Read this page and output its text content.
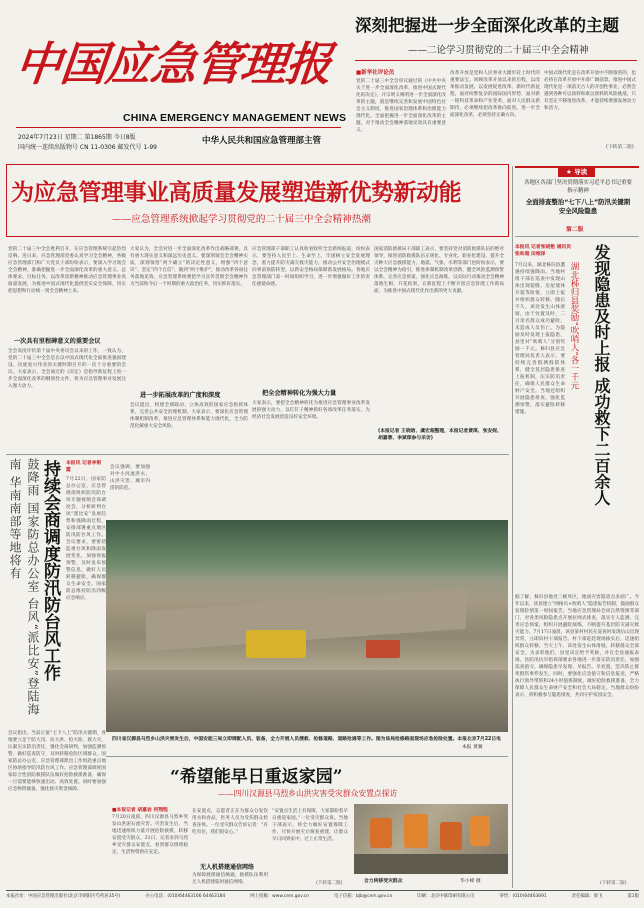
中国应急管理报
CHINA EMERGENCY MANAGEMENT NEWS
2024年7月23日 星期二 第1865期 今日8版
国内统一连续出版物号 CN 11-0306 邮发代号 1-99
中华人民共和国应急管理部主管
深刻把握进一步全面深化改革的主题
——二论学习贯彻党的二十届三中全会精神
■新华社评论员
党的二十届三中全会审议通过的《中共中央关于进一步全面深化改革、推进中国式现代化的决定》，开宗明义阐明进一步全面深化改革的主题，就是继续完善和发展中国特色社会主义制度，推进国家治理体系和治理能力现代化。全面把握进一步全面深化改革的主题，对于推动全会精神落地见效具有重要意义。
改革开放是党和人民事业大踏步赶上时代的重要法宝。回顾改革开放以来的历程，以改革推动发展、以发展促进改革。新时代新征程，面对纷繁复杂的国际国内形势，面对新一轮科技革命和产业变革，面对人民群众新期待，必须继续把改革推向前进。进一步全面深化改革，必须坚持正确方向。
中国式现代化是在改革开放中不断推进的，也必将在改革开放中开辟广阔前景。推进中国式现代化是一项前无古人的开创性事业，必然会遇到各种可以预料和难以预料的风险挑战，只有坚定不移推进改革，才能持续增强发展动力和活力。
(下转第二版)
为应急管理事业高质量发展塑造新优势新动能
——应急管理系统掀起学习贯彻党的二十届三中全会精神热潮
党的二十届三中全会胜利召开，在应急管理系统引起热烈反响。连日来，应急管理部党委认真学习全会精神，各级应急管理部门和广大党员干部纷纷表示，要深入学习领会全会精神，准确把握进一步全面深化改革的重大意义、总体要求、目标任务，以改革创新精神推动应急管理事业高质量发展，为推进中国式现代化提供坚实安全保障，切实把思想和行动统一到全会精神上来。
一次具有里程碑意义的重要会议
全会高度评价第十届中央委员会以来的工作，一致认为，党的二十届三中全会是在以中国式现代化全面推进强国建设、民族复兴伟业的关键时期召开的一次十分重要的会议。大家表示，全会通过的《决定》是指导新征程上进一步全面深化改革的纲领性文件，将为应急管理事业发展注入强大动力。
大家认为，全会对进一步全面深化改革作出战略部署，具有重大现实意义和深远历史意义。要深刻领会全会精神实质，深刻领悟“两个确立”的决定性意义，增强“四个意识”、坚定“四个自信”、做到“两个维护”，推动改革各项任务落地见效。应急管理系统要把学习宣传贯彻全会精神作为当前和今后一个时期的重大政治任务，切实抓好落实。
进一步拓展改革的广度和深度
会议提出，构建全域联动、立体高效的国家应急指挥体系，完善公共安全治理机制。大家表示，要深化应急管理体制机制改革，推进应急管理体系和能力现代化，全力防范化解重大安全风险。
应急管理部干部职工认真收看收听全会新闻报道，纷纷表示，要坚持人民至上、生命至上，牢固树立安全发展理念，着力提升防灾减灾救灾能力，推动公共安全治理模式向事前预防转型，以新安全格局保障新发展格局。各地应急管理部门第一时间组织学习，进一步增强做好工作的责任感使命感。
把全会精神转化为强大力量
大家表示，要把全会精神转化为推进应急管理事业改革发展的强大动力，以钉钉子精神抓好各项改革任务落实，为经济社会发展创造良好安全环境。
国家消防救援局干部职工表示，要坚持党对消防救援队伍的绝对领导，推进消防救援队伍正规化、专业化、职业化建设，提升全灾种大应急救援能力。地震、气象、水利等部门也纷纷表示，要以全会精神为指引，推进体制机制改革创新，健全风险监测预警体系，完善应急预案，强化应急演练，以实际行动推动全会精神落地生根、开花结果，在新征程上不断开创应急管理工作新局面，为推进中国式现代化作出新的更大贡献。
(本报记者 王晓晗、虞宏超整理，本报记者黄琪、张安妮、胡嘉蓉、李斌琛参与采访)
★ 导读
各地区各部门坚决贯彻落实习近平总书记重要指示精神
全面排查整治“七下八上”防汛关键期安全风险隐患
第二版
发现隐患及时上报 成功救下二百余人
湖北秭归县奖励“吹哨人”各一千元
本报讯 记者张晓艳 通讯员张和超 田维泽
7月以来，湖北秭归县遭遇持续强降雨。当地村组干部在巡查中发现山体出现裂缝、房屋墙体开裂等险情，立即上报并组织群众转移。随后不久，该处发生山体滑坡，由于处置及时，二百余名群众成功避险，未造成人员伤亡。为鼓励及时发现上报隐患，县里对“吹哨人”分别奖励一千元。秭归县应急管理局负责人表示，要持续完善群测群防体系，健全基层隐患排查上报机制，压实防汛责任，确保人民群众生命财产安全。当地还组织开展隐患排查，强化监测预警，落实避险转移措施。
据了解，秭归县地处三峡库区，地质灾害隐患点多面广。今年以来，该县建立“网格员+吹哨人”隐患报告机制，鼓励群众发现险情第一时间报告。当地应急管理局会同自然资源等部门，对各类风险隐患点开展拉网式排查，落实专人监测，完善应急预案，组织开展避险演练，不断提升基层防灾减灾救灾能力。7月17日凌晨，该县某村村民在巡查时发现后山出现异常，立即向村干部报告。村干部赶赴现场核实后，迅速组织群众转移。当天上午，该处发生山体滑坡，转移群众全部安全。为表彰他们，县里决定给予奖励，并在全县通报表扬。县防汛抗旱指挥部要求各地进一步落实防汛责任，加强巡查值守，确保隐患早发现、早报告、早处置，坚决防止群死群伤事件发生。同时，要强化应急值守和信息报送，严格执行领导带班和24小时值班制度，做好抢险救援准备，全力保障人民群众生命财产安全和社会大局稳定。当地群众纷纷表示，将积极参与隐患排查，共同守护家园安全。
(下转第二版)
鼓降雨 国家防总办公室 台风“派比安”登陆海南 华南南部等地将有	持续会商调度防汛防台风工作	本报讯 记者李银霞
7月22日，国家防总办公室、应急管理部组织防汛防台风专题视频会商调度会，分析研判台风“派比安”发展趋势和强降雨过程，安排部署重点地区防汛防台风工作。会议要求，要密切监视台风和降雨发展变化，加强预报预警，及时发布预警信息，做好人员转移避险，确保群众生命安全。国家防总维持防汛四级应急响应。
会议强调，要加强对中小河流洪水、山洪灾害、城市内涝的防范。
四川省汉源县马烈乡山洪灾害发生后，中国安能三局立即调配人员、装备，全力开展人员搜救、抢修道路、道路抢通等工作。图为该局抢修路面现场应急抢险处置。本报北京7月22日电
本报 黄翼
会议指出，当前正值“七下八上”防汛关键期，各地要立足于防大汛、抗大洪、抢大险、救大灾，压紧压实防汛责任，强化会商研判，加强监测预警，做好巡查防守，及时转移危险区域群众。国家防总办公室、应急管理部派出工作组赴重点地区协助指导防汛防台风工作。应急管理部调度国家综合性消防救援队伍做好抢险救援准备，确保一旦需要能够快速出动、高效处置。同时要加强应急物资储备，强化救灾资金保障。
“希望能早日重返家园”
——四川汉源县马烈乡山洪灾害受灾群众安置点探访
■本报记者 胡嘉岩 何翔程
7月20日凌晨，四川汉源县马烈乡突发山洪泥石流灾害。灾害发生后，当地迅速组织力量开展抢险救援，转移安置受灾群众。21日，记者来到马烈乡受灾群众安置点，看到群众情绪稳定，生活物资供应充足。
在安置点，志愿者正在为群众分发饮用水和食品，医务人员为受伤群众检查身体。一位受灾群众告诉记者：“有吃有住，我们很安心。”
无人机搭建通信网络
为保障救援通信畅通，救援队伍利用无人机搭建临时通信网络。
“安置点生活上有保障，大家都盼着早日重返家园。”一位受灾群众说。当地干部表示，将全力做好安置保障工作，尽快开展灾后恢复重建，让群众早日回到家中，过上正常生活。
(下转第二版)	合力转移受灾群众	华小峰 摄
本报社址：中国应急管理出版社(北京市朝阳区芍药居35号)	办公电话：(010)64463166 64463184	网上投稿：www.cem.gov.cn	电子信箱：bjb@cem.gov.cn	印刷：北京中联印刷有限公司	零售：(010)64463691	责任编辑：梁飞	第1版
